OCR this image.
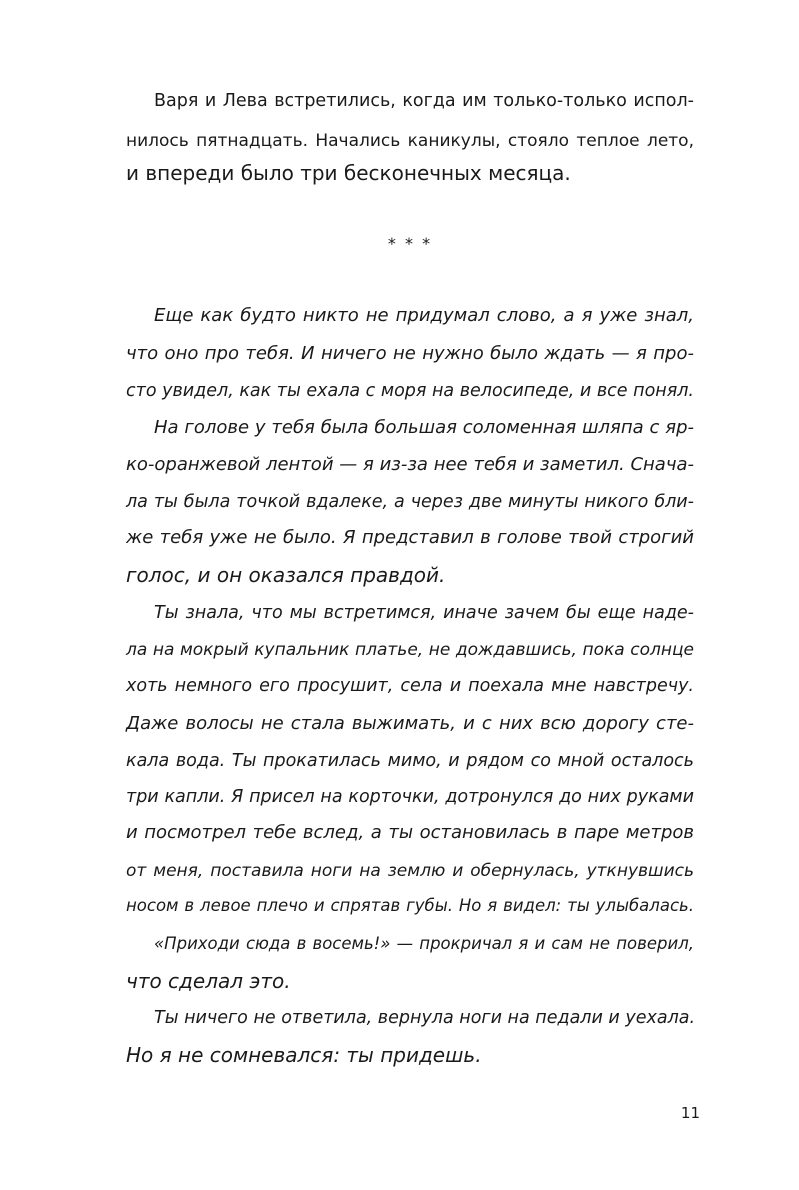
Варя и Лева встретились, когда им только-только испол-
нилось пятнадцать. Начались каникулы, стояло теплое лето,
и впереди было три бесконечных месяца.
* * *
Еще как будто никто не придумал слово, а я уже знал,
что оно про тебя. И ничего не нужно было ждать — я про-
сто увидел, как ты ехала с моря на велосипеде, и все понял.
На голове у тебя была большая соломенная шляпа с яр-
ко-оранжевой лентой — я из-за нее тебя и заметил. Снача-
ла ты была точкой вдалеке, а через две минуты никого бли-
же тебя уже не было. Я представил в голове твой строгий
голос, и он оказался правдой.
Ты знала, что мы встретимся, иначе зачем бы еще наде-
ла на мокрый купальник платье, не дождавшись, пока солнце
хоть немного его просушит, села и поехала мне навстречу.
Даже волосы не стала выжимать, и с них всю дорогу сте-
кала вода. Ты прокатилась мимо, и рядом со мной осталось
три капли. Я присел на корточки, дотронулся до них руками
и посмотрел тебе вслед, а ты остановилась в паре метров
от меня, поставила ноги на землю и обернулась, уткнувшись
носом в левое плечо и спрятав губы. Но я видел: ты улыбалась.
«Приходи сюда в восемь!» — прокричал я и сам не поверил,
что сделал это.
Ты ничего не ответила, вернула ноги на педали и уехала.
Но я не сомневался: ты придешь.
11
